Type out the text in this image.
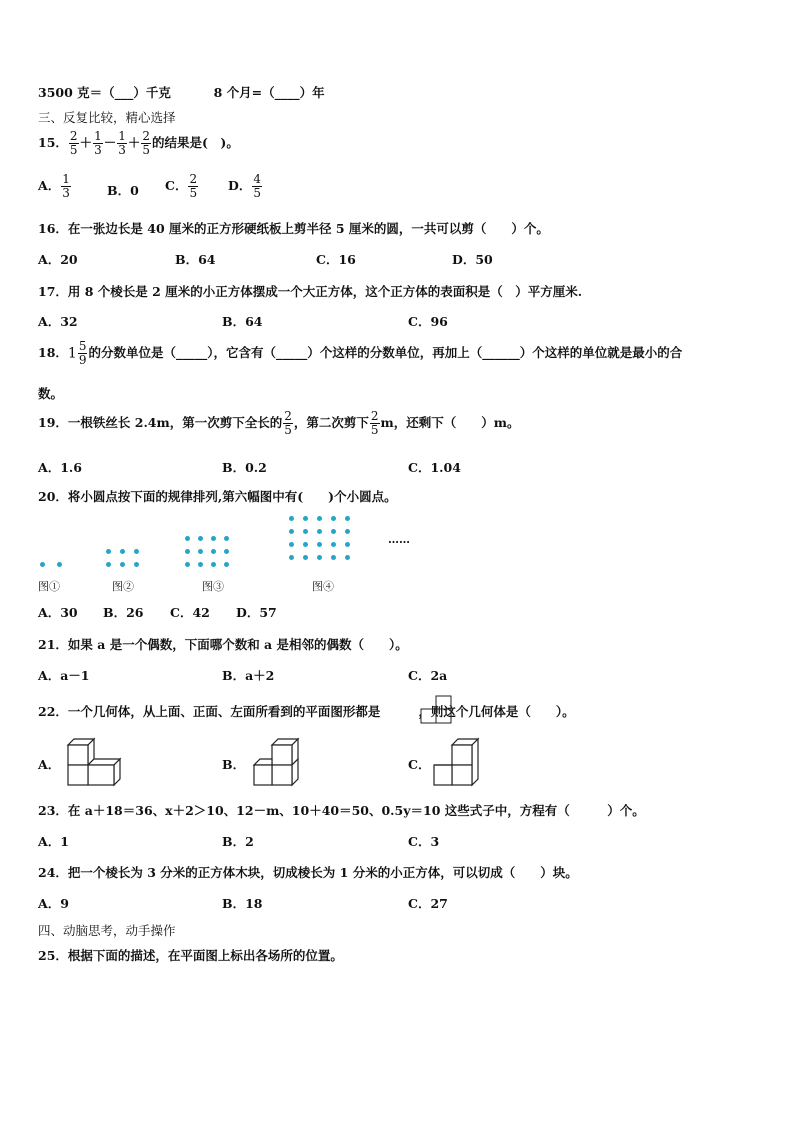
3500 克＝（___）千克	8 个月=（____）年
三、反复比较，精心选择
15． $\frac{2}{5} + \frac{1}{3} - \frac{1}{3} + \frac{2}{5}$ 的结果是(　)。
A． $\frac{1}{3}$	B．0 C． $\frac{2}{5}$ D． $\frac{4}{5}$
16．在一张边长是 40 厘米的正方形硬纸板上剪半径 5 厘米的圆，一共可以剪（　　）个。
A．20	B．64	C．16	D．50
17．用 8 个棱长是 2 厘米的小正方体摆成一个大正方体，这个正方体的表面积是（　）平方厘米.
A．32	B．64	C．96
18．$1 \frac{5}{9}$ 的分数单位是（_____），它含有（_____）个这样的分数单位，再加上（______）个这样的单位就是最小的合
数。
19．一根铁丝长 2.4m，第一次剪下全长的 $\frac{2}{5}$ ，第二次剪下 $\frac{2}{5}$ m，还剩下（　　）m。
A．1.6	B．0.2	C．1.04
20．将小圆点按下面的规律排列,第六幅图中有(　　)个小圆点。
图①	图②	图③	图④
……
A．30 B．26 C．42 D．57
21．如果 a 是一个偶数，下面哪个数和 a 是相邻的偶数（　　）。
A．a－1	B．a＋2	C．2a
22．一个几何体，从上面、正面、左面所看到的平面图形都是	，则这个几何体是（　　）。
A．	B．	C．
23．在 a＋18＝36、x＋2＞10、12－m、10＋40＝50、0.5y＝10 这些式子中，方程有（　　　）个。
A．1	B．2	C．3
24．把一个棱长为 3 分米的正方体木块，切成棱长为 1 分米的小正方体，可以切成（　　）块。
A．9	B．18	C．27
四、动脑思考，动手操作
25．根据下面的描述，在平面图上标出各场所的位置。
